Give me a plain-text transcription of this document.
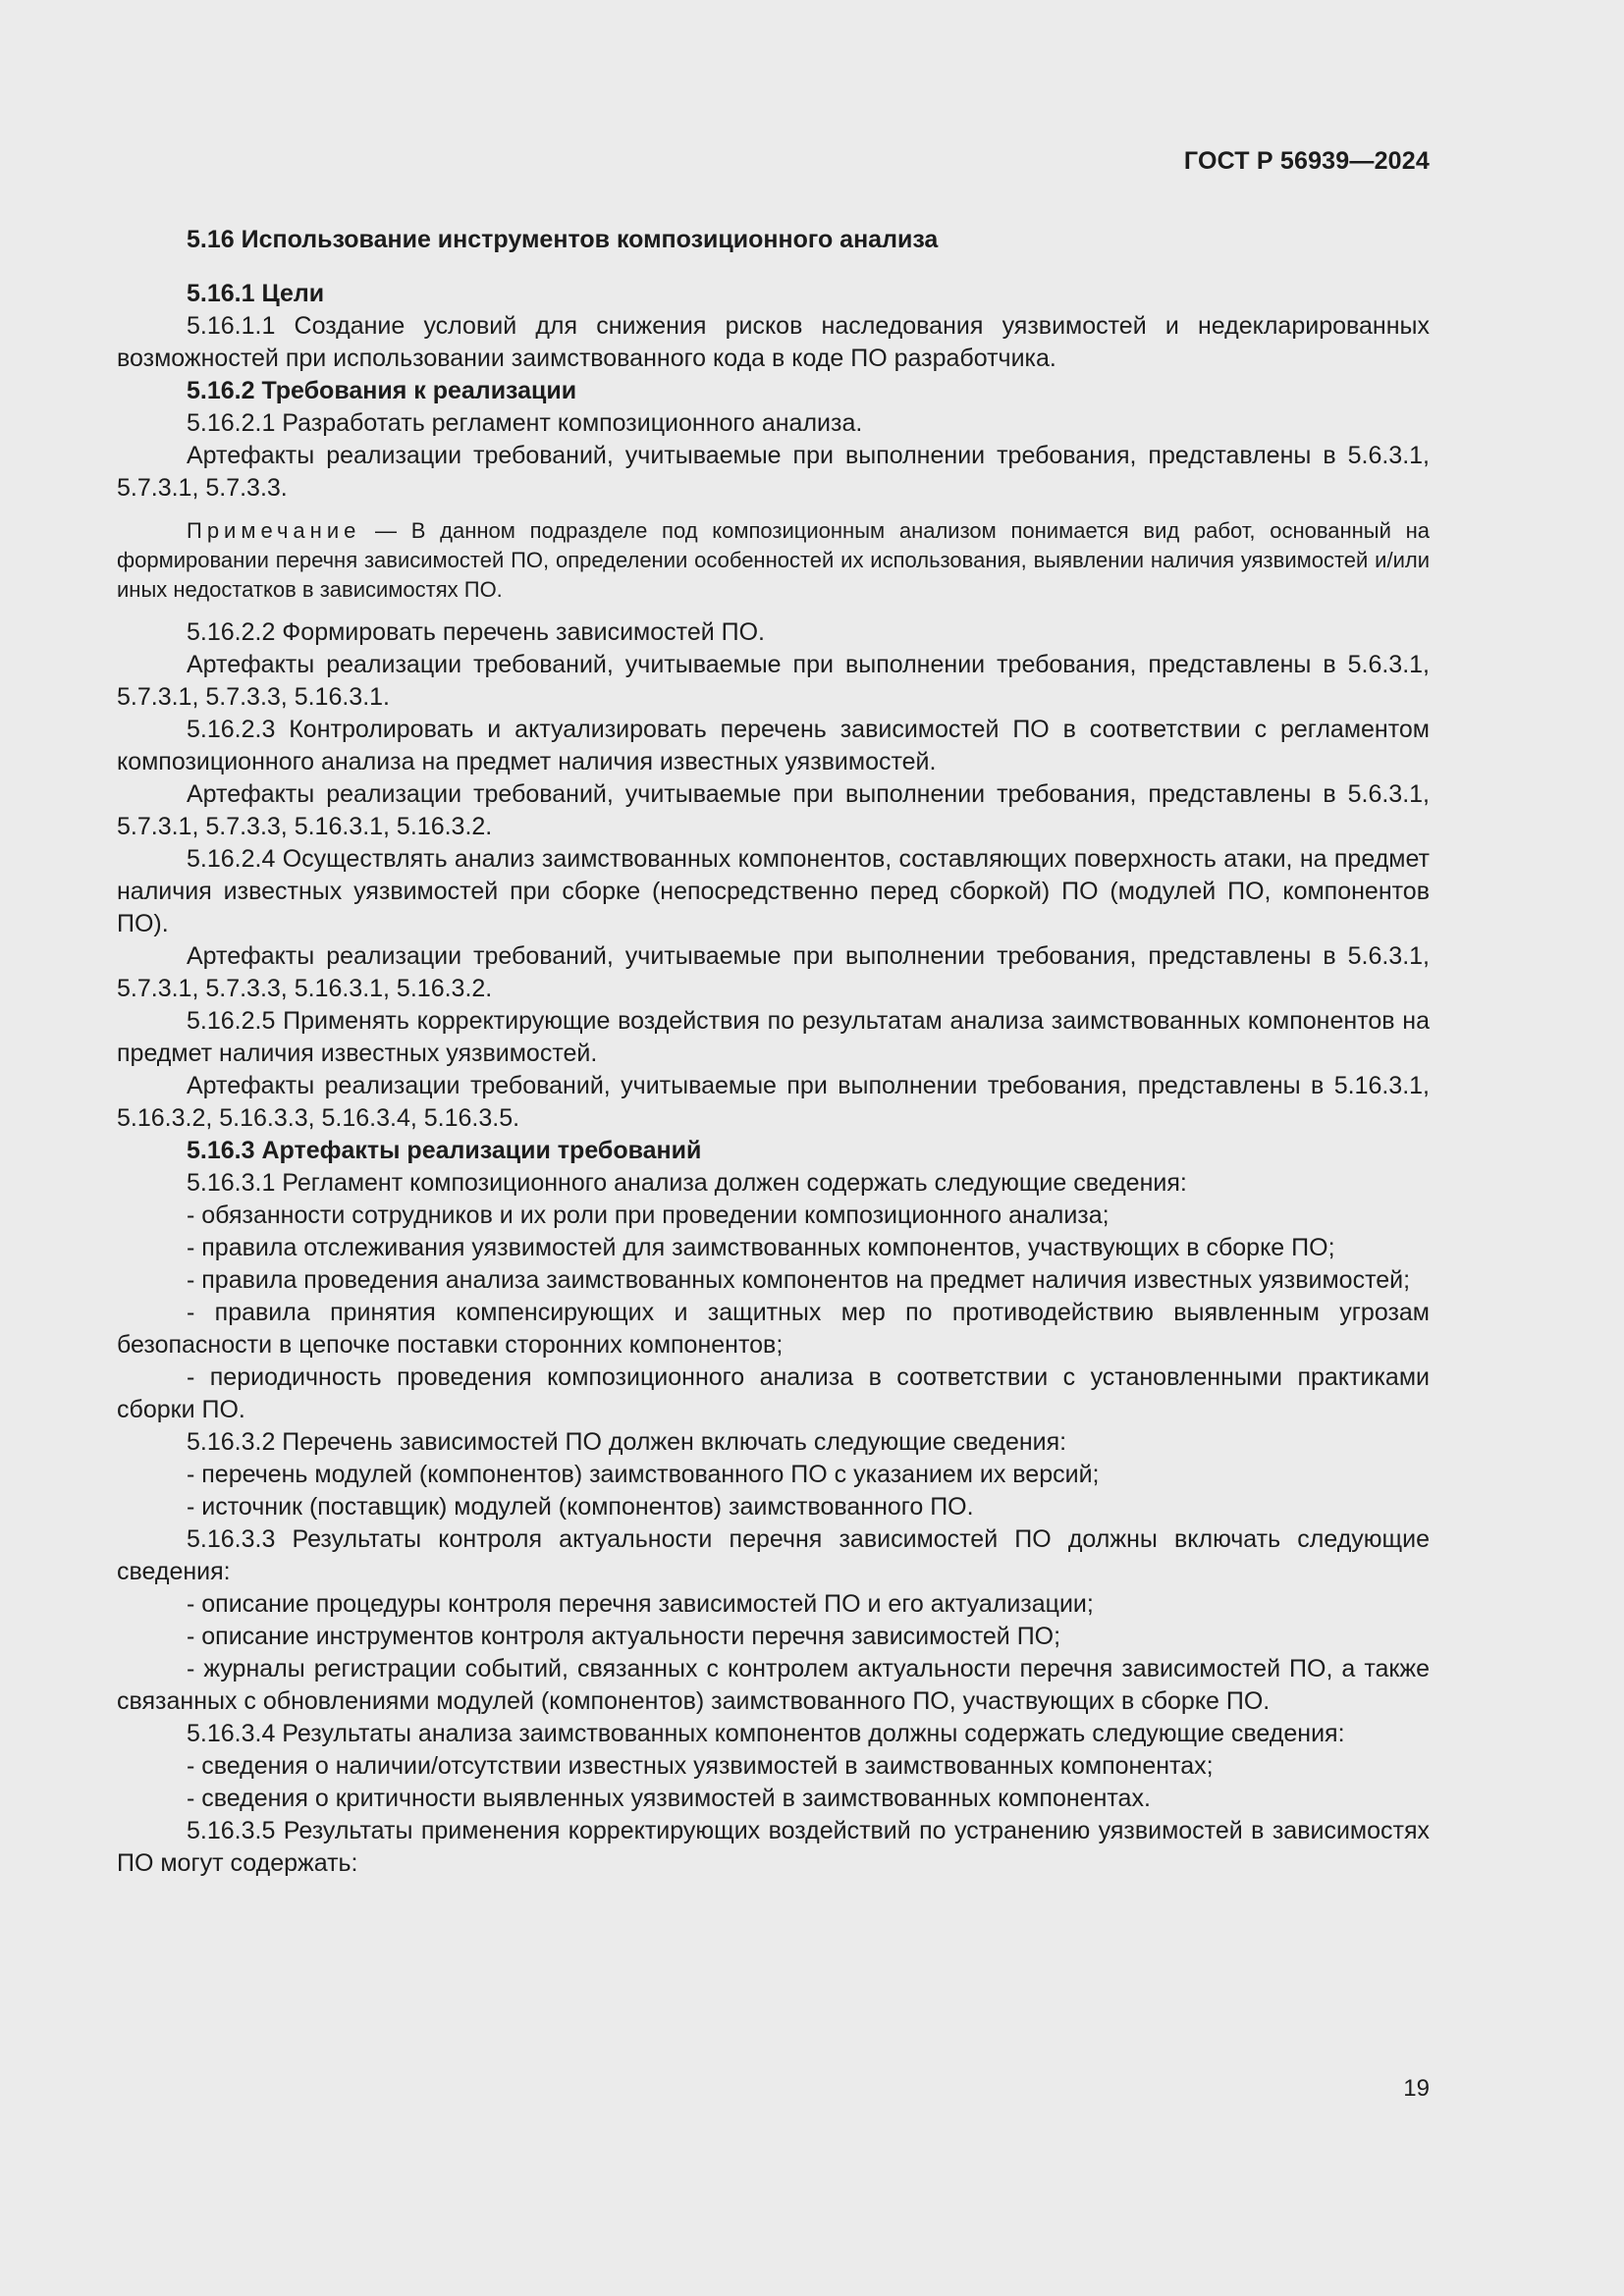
ГОСТ Р 56939—2024

5.16 Использование инструментов композиционного анализа

5.16.1 Цели

5.16.1.1 Создание условий для снижения рисков наследования уязвимостей и недекларированных возможностей при использовании заимствованного кода в коде ПО разработчика.

5.16.2 Требования к реализации

5.16.2.1 Разработать регламент композиционного анализа.

Артефакты реализации требований, учитываемые при выполнении требования, представлены в 5.6.3.1, 5.7.3.1, 5.7.3.3.

Примечание — В данном подразделе под композиционным анализом понимается вид работ, основанный на формировании перечня зависимостей ПО, определении особенностей их использования, выявлении наличия уязвимостей и/или иных недостатков в зависимостях ПО.

5.16.2.2 Формировать перечень зависимостей ПО.

Артефакты реализации требований, учитываемые при выполнении требования, представлены в 5.6.3.1, 5.7.3.1, 5.7.3.3, 5.16.3.1.

5.16.2.3 Контролировать и актуализировать перечень зависимостей ПО в соответствии с регламентом композиционного анализа на предмет наличия известных уязвимостей.

Артефакты реализации требований, учитываемые при выполнении требования, представлены в 5.6.3.1, 5.7.3.1, 5.7.3.3, 5.16.3.1, 5.16.3.2.

5.16.2.4 Осуществлять анализ заимствованных компонентов, составляющих поверхность атаки, на предмет наличия известных уязвимостей при сборке (непосредственно перед сборкой) ПО (модулей ПО, компонентов ПО).

Артефакты реализации требований, учитываемые при выполнении требования, представлены в 5.6.3.1, 5.7.3.1, 5.7.3.3, 5.16.3.1, 5.16.3.2.

5.16.2.5 Применять корректирующие воздействия по результатам анализа заимствованных компонентов на предмет наличия известных уязвимостей.

Артефакты реализации требований, учитываемые при выполнении требования, представлены в 5.16.3.1, 5.16.3.2, 5.16.3.3, 5.16.3.4, 5.16.3.5.

5.16.3 Артефакты реализации требований

5.16.3.1 Регламент композиционного анализа должен содержать следующие сведения:

- обязанности сотрудников и их роли при проведении композиционного анализа;

- правила отслеживания уязвимостей для заимствованных компонентов, участвующих в сборке ПО;

- правила проведения анализа заимствованных компонентов на предмет наличия известных уязвимостей;

- правила принятия компенсирующих и защитных мер по противодействию выявленным угрозам безопасности в цепочке поставки сторонних компонентов;

- периодичность проведения композиционного анализа в соответствии с установленными практиками сборки ПО.

5.16.3.2 Перечень зависимостей ПО должен включать следующие сведения:

- перечень модулей (компонентов) заимствованного ПО с указанием их версий;

- источник (поставщик) модулей (компонентов) заимствованного ПО.

5.16.3.3 Результаты контроля актуальности перечня зависимостей ПО должны включать следующие сведения:

- описание процедуры контроля перечня зависимостей ПО и его актуализации;

- описание инструментов контроля актуальности перечня зависимостей ПО;

- журналы регистрации событий, связанных с контролем актуальности перечня зависимостей ПО, а также связанных с обновлениями модулей (компонентов) заимствованного ПО, участвующих в сборке ПО.

5.16.3.4 Результаты анализа заимствованных компонентов должны содержать следующие сведения:

- сведения о наличии/отсутствии известных уязвимостей в заимствованных компонентах;

- сведения о критичности выявленных уязвимостей в заимствованных компонентах.

5.16.3.5 Результаты применения корректирующих воздействий по устранению уязвимостей в зависимостях ПО могут содержать:

19
